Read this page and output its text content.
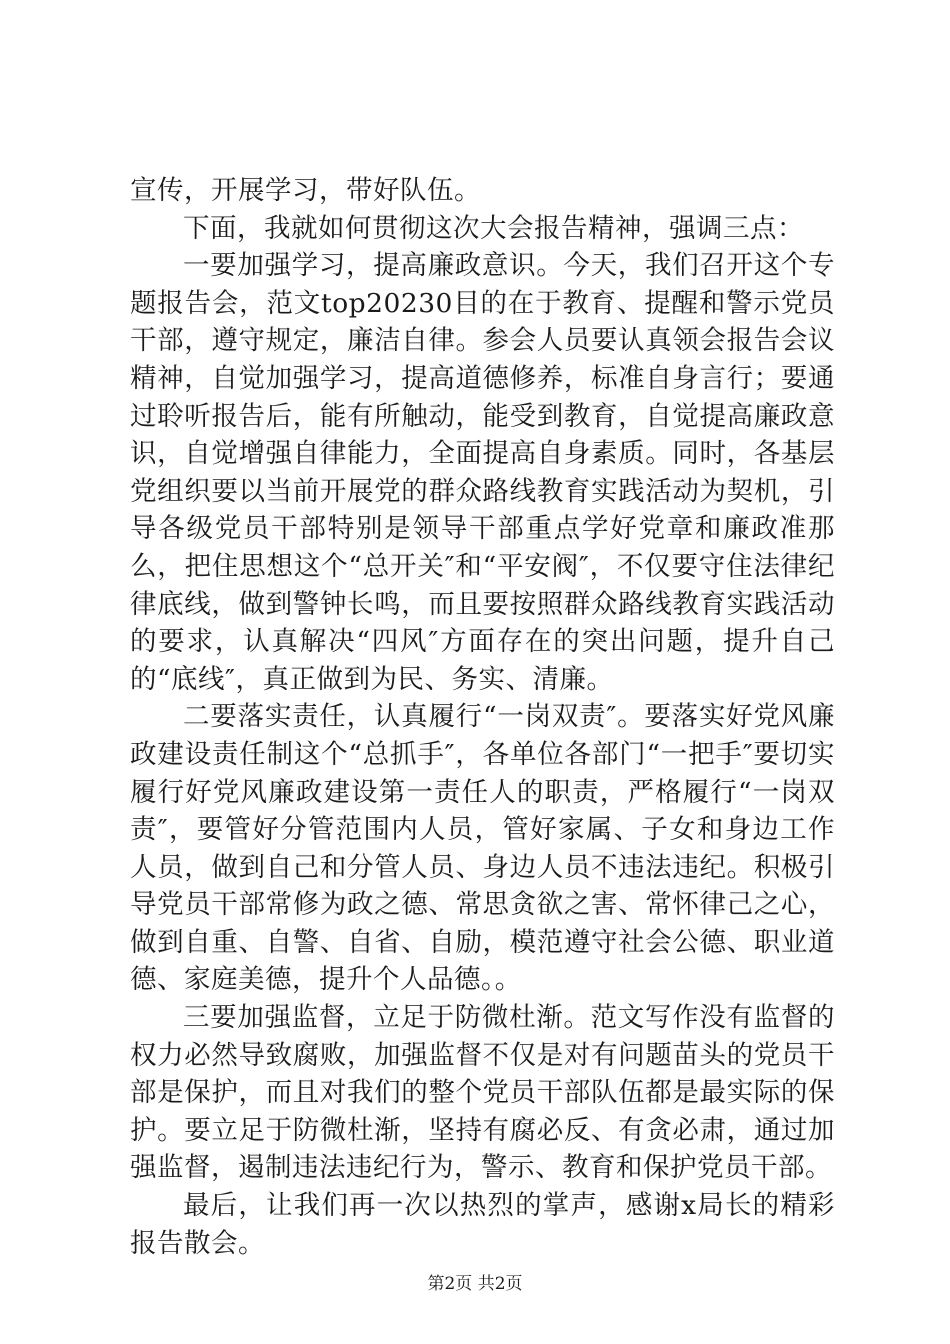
宣传，开展学习，带好队伍。

下面，我就如何贯彻这次大会报告精神，强调三点：

一要加强学习，提高廉政意识。今天，我们召开这个专题报告会，范文top20230目的在于教育、提醒和警示党员干部，遵守规定，廉洁自律。参会人员要认真领会报告会议精神，自觉加强学习，提高道德修养，标准自身言行；要通过聆听报告后，能有所触动，能受到教育，自觉提高廉政意识，自觉增强自律能力，全面提高自身素质。同时，各基层党组织要以当前开展党的群众路线教育实践活动为契机，引导各级党员干部特别是领导干部重点学好党章和廉政准那么，把住思想这个“总开关″和“平安阀″，不仅要守住法律纪律底线，做到警钟长鸣，而且要按照群众路线教育实践活动的要求，认真解决“四风″方面存在的突出问题，提升自己的“底线″，真正做到为民、务实、清廉。

二要落实责任，认真履行“一岗双责″。要落实好党风廉政建设责任制这个“总抓手″，各单位各部门“一把手″要切实履行好党风廉政建设第一责任人的职责，严格履行“一岗双责″，要管好分管范围内人员，管好家属、子女和身边工作人员，做到自己和分管人员、身边人员不违法违纪。积极引导党员干部常修为政之德、常思贪欲之害、常怀律己之心，做到自重、自警、自省、自励，模范遵守社会公德、职业道德、家庭美德，提升个人品德。。

三要加强监督，立足于防微杜渐。范文写作没有监督的权力必然导致腐败，加强监督不仅是对有问题苗头的党员干部是保护，而且对我们的整个党员干部队伍都是最实际的保护。要立足于防微杜渐，坚持有腐必反、有贪必肃，通过加强监督，遏制违法违纪行为，警示、教育和保护党员干部。

最后，让我们再一次以热烈的掌声，感谢x局长的精彩报告散会。

第2页 共2页
